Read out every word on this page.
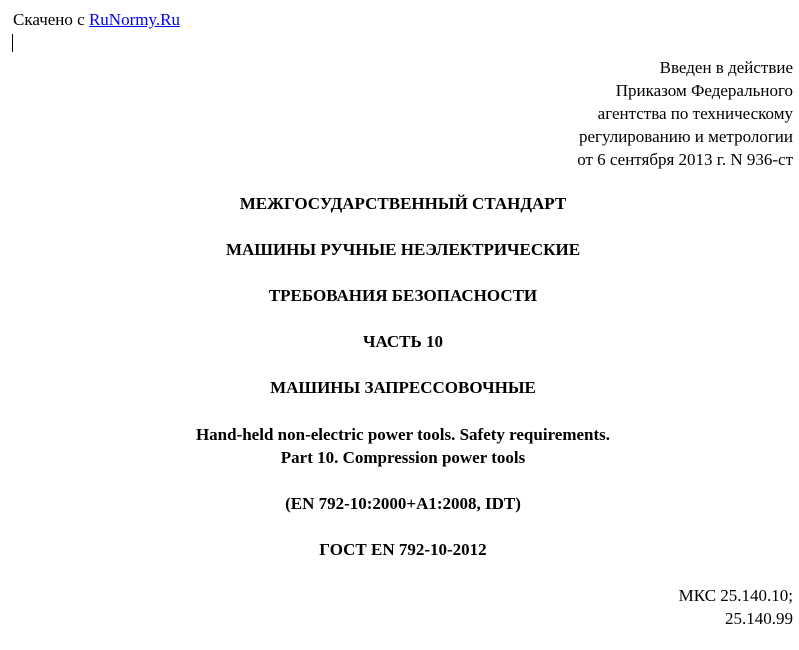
Скачено с RuNormy.Ru
Введен в действие
Приказом Федерального
агентства по техническому
регулированию и метрологии
от 6 сентября 2013 г. N 936-ст
МЕЖГОСУДАРСТВЕННЫЙ СТАНДАРТ
МАШИНЫ РУЧНЫЕ НЕЭЛЕКТРИЧЕСКИЕ
ТРЕБОВАНИЯ БЕЗОПАСНОСТИ
ЧАСТЬ 10
МАШИНЫ ЗАПРЕССОВОЧНЫЕ
Hand-held non-electric power tools. Safety requirements.
Part 10. Compression power tools
(EN 792-10:2000+A1:2008, IDT)
ГОСТ EN 792-10-2012
МКС 25.140.10;
25.140.99
